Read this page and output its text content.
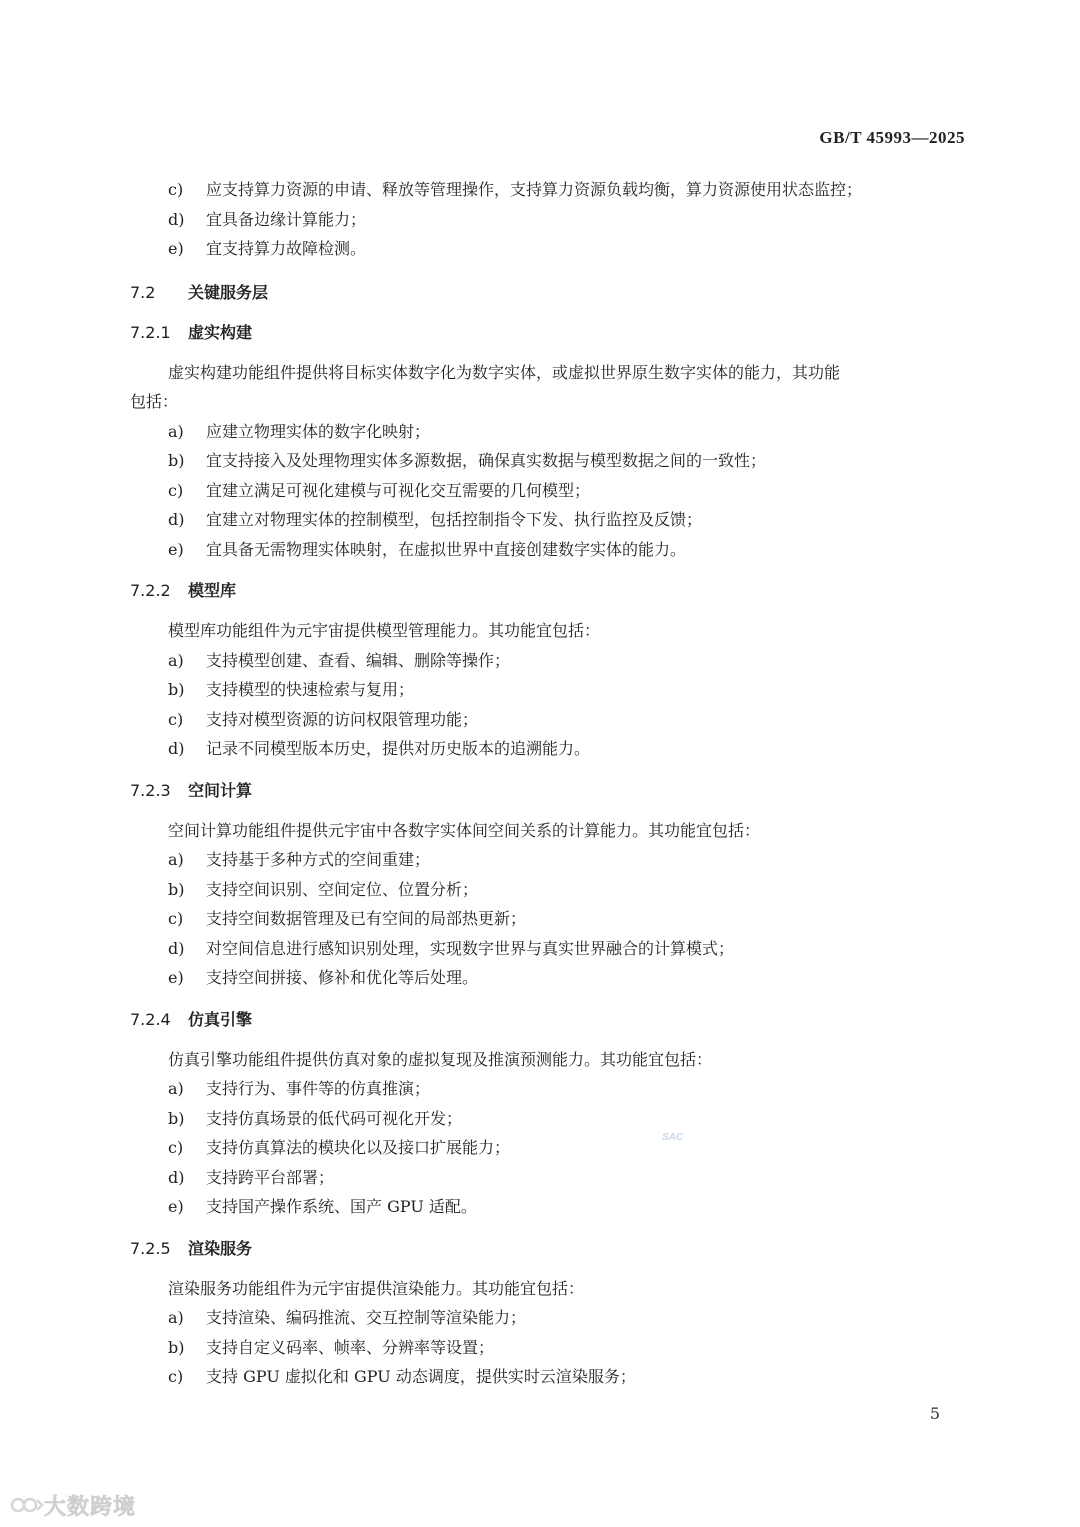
GB/T 45993—2025
c) 应支持算力资源的申请、释放等管理操作，支持算力资源负载均衡，算力资源使用状态监控；
d) 宜具备边缘计算能力；
e) 宜支持算力故障检测。
7.2 关键服务层
7.2.1 虚实构建
虚实构建功能组件提供将目标实体数字化为数字实体，或虚拟世界原生数字实体的能力，其功能
包括：
a) 应建立物理实体的数字化映射；
b) 宜支持接入及处理物理实体多源数据，确保真实数据与模型数据之间的一致性；
c) 宜建立满足可视化建模与可视化交互需要的几何模型；
d) 宜建立对物理实体的控制模型，包括控制指令下发、执行监控及反馈；
e) 宜具备无需物理实体映射，在虚拟世界中直接创建数字实体的能力。
7.2.2 模型库
模型库功能组件为元宇宙提供模型管理能力。其功能宜包括：
a) 支持模型创建、查看、编辑、删除等操作；
b) 支持模型的快速检索与复用；
c) 支持对模型资源的访问权限管理功能；
d) 记录不同模型版本历史，提供对历史版本的追溯能力。
7.2.3 空间计算
空间计算功能组件提供元宇宙中各数字实体间空间关系的计算能力。其功能宜包括：
a) 支持基于多种方式的空间重建；
b) 支持空间识别、空间定位、位置分析；
c) 支持空间数据管理及已有空间的局部热更新；
d) 对空间信息进行感知识别处理，实现数字世界与真实世界融合的计算模式；
e) 支持空间拼接、修补和优化等后处理。
7.2.4 仿真引擎
仿真引擎功能组件提供仿真对象的虚拟复现及推演预测能力。其功能宜包括：
a) 支持行为、事件等的仿真推演；
b) 支持仿真场景的低代码可视化开发；
c) 支持仿真算法的模块化以及接口扩展能力；
d) 支持跨平台部署；
e) 支持国产操作系统、国产 GPU 适配。
7.2.5 渲染服务
渲染服务功能组件为元宇宙提供渲染能力。其功能宜包括：
a) 支持渲染、编码推流、交互控制等渲染能力；
b) 支持自定义码率、帧率、分辨率等设置；
c) 支持 GPU 虚拟化和 GPU 动态调度，提供实时云渲染服务；
5
SAC
大数跨境
